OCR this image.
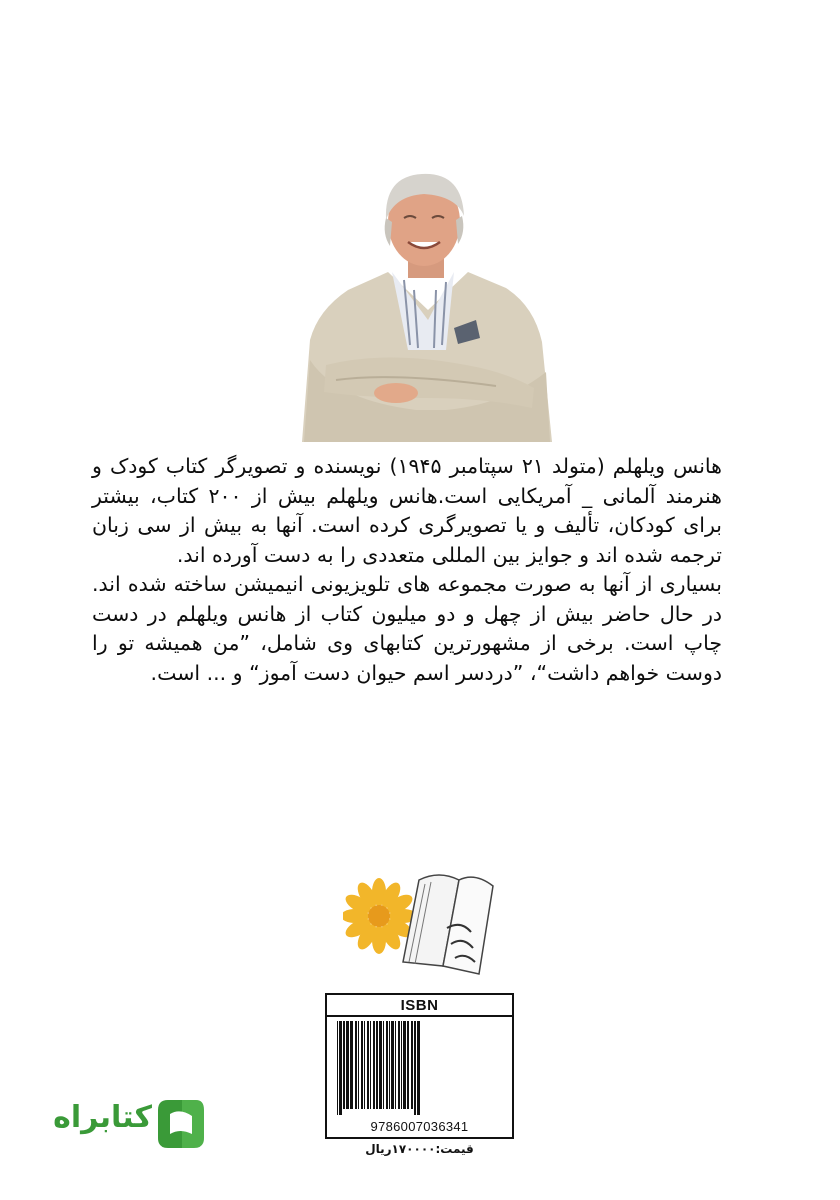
هانس ویلهلم (متولد ۲۱ سپتامبر ۱۹۴۵) نویسنده و تصویرگر کتاب کودک و هنرمند آلمانی _ آمریکایی است.هانس ویلهلم بیش از ۲۰۰ کتاب، بیشتر برای کودکان، تألیف و یا تصویرگری کرده است. آنها به بیش از سی زبان ترجمه شده اند و جوایز بین المللی متعددی را به دست آورده اند.

بسیاری از آنها به صورت مجموعه های تلویزیونی انیمیشن ساخته شده اند. در حال حاضر بیش از چهل و دو میلیون کتاب از هانس ویلهلم در دست چاپ است. برخی از مشهورترین کتابهای وی شامل، ”من همیشه تو را دوست خواهم داشت“، ”دردسر اسم حیوان دست آموز“ و ... است.

ISBN
9786007036341
قیمت:۱۷۰۰۰۰ریال
کتابراه
